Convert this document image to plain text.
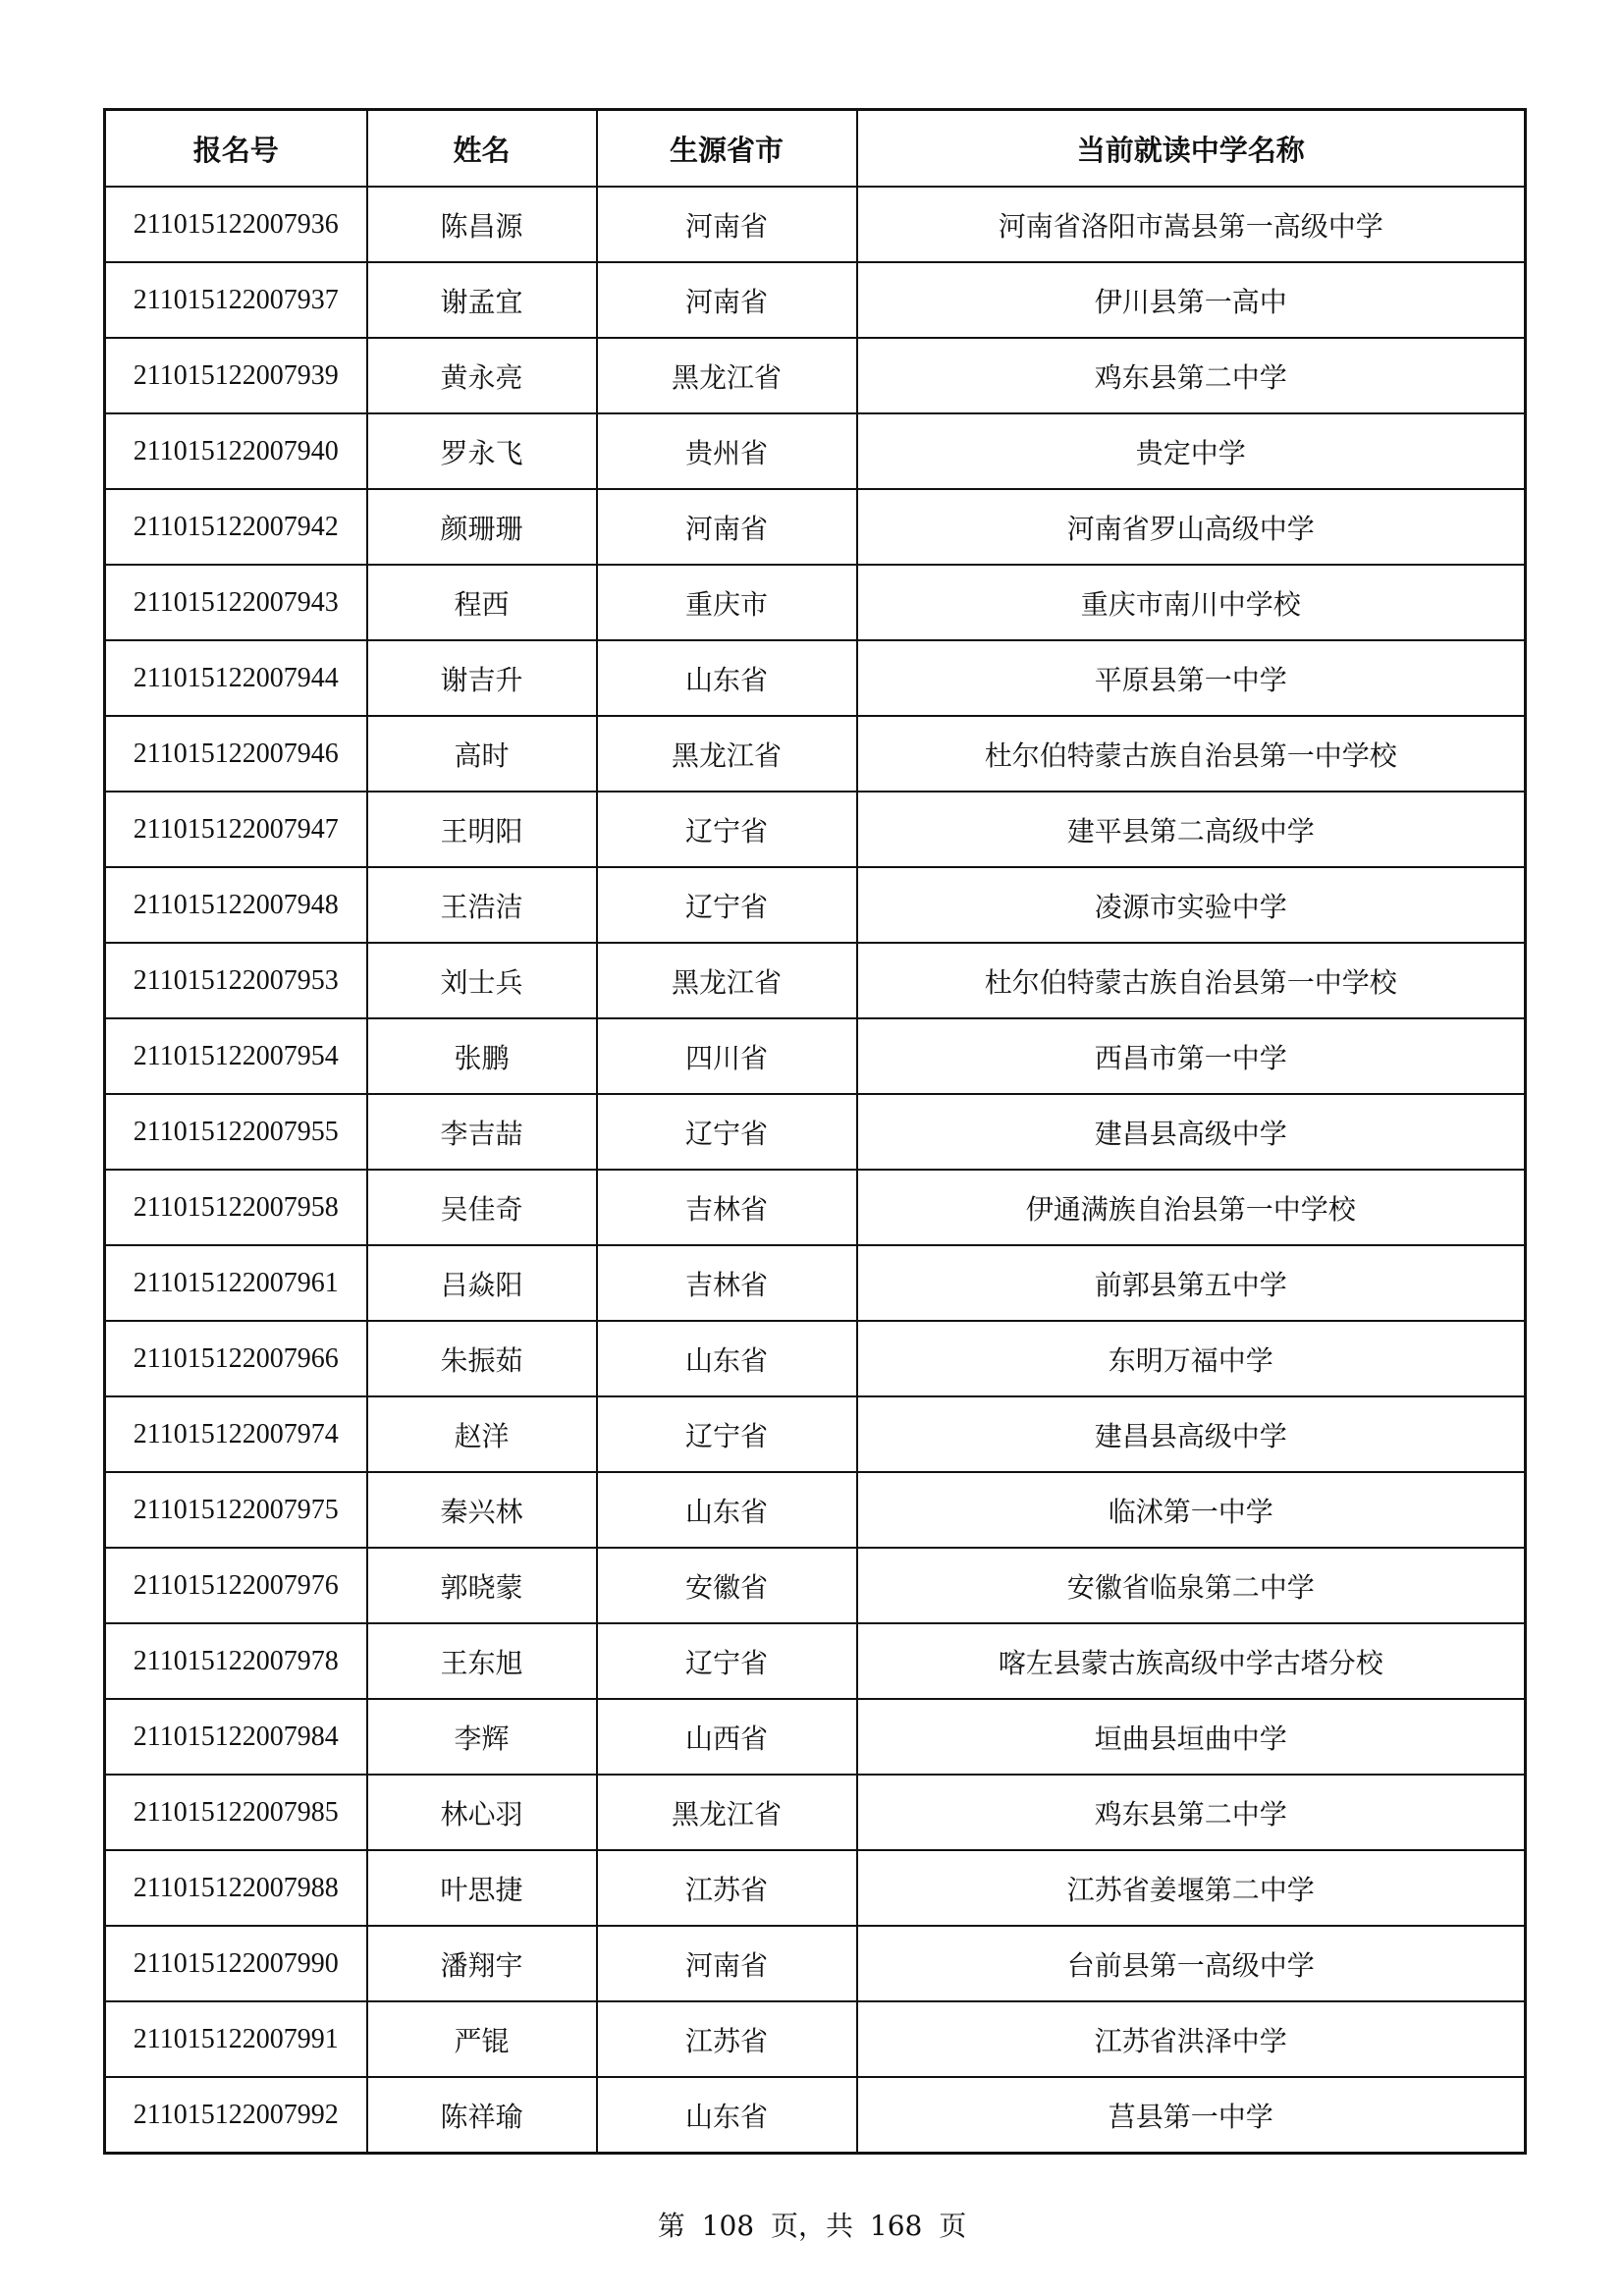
报名号	姓名	生源省市	当前就读中学名称
211015122007936	陈昌源	河南省	河南省洛阳市嵩县第一高级中学
211015122007937	谢孟宜	河南省	伊川县第一高中
211015122007939	黄永亮	黑龙江省	鸡东县第二中学
211015122007940	罗永飞	贵州省	贵定中学
211015122007942	颜珊珊	河南省	河南省罗山高级中学
211015122007943	程西	重庆市	重庆市南川中学校
211015122007944	谢吉升	山东省	平原县第一中学
211015122007946	高时	黑龙江省	杜尔伯特蒙古族自治县第一中学校
211015122007947	王明阳	辽宁省	建平县第二高级中学
211015122007948	王浩洁	辽宁省	凌源市实验中学
211015122007953	刘士兵	黑龙江省	杜尔伯特蒙古族自治县第一中学校
211015122007954	张鹏	四川省	西昌市第一中学
211015122007955	李吉喆	辽宁省	建昌县高级中学
211015122007958	吴佳奇	吉林省	伊通满族自治县第一中学校
211015122007961	吕焱阳	吉林省	前郭县第五中学
211015122007966	朱振茹	山东省	东明万福中学
211015122007974	赵洋	辽宁省	建昌县高级中学
211015122007975	秦兴林	山东省	临沭第一中学
211015122007976	郭晓蒙	安徽省	安徽省临泉第二中学
211015122007978	王东旭	辽宁省	喀左县蒙古族高级中学古塔分校
211015122007984	李辉	山西省	垣曲县垣曲中学
211015122007985	林心羽	黑龙江省	鸡东县第二中学
211015122007988	叶思捷	江苏省	江苏省姜堰第二中学
211015122007990	潘翔宇	河南省	台前县第一高级中学
211015122007991	严锟	江苏省	江苏省洪泽中学
211015122007992	陈祥瑜	山东省	莒县第一中学
第 108 页，共 168 页
